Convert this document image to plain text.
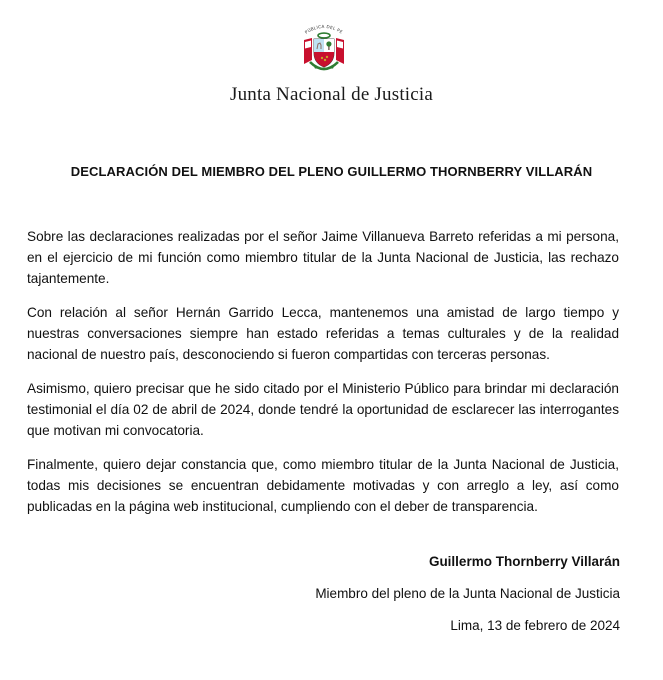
PÚBLICA DEL PE
Junta Nacional de Justicia
DECLARACIÓN DEL MIEMBRO DEL PLENO GUILLERMO THORNBERRY VILLARÁN

Sobre las declaraciones realizadas por el señor Jaime Villanueva Barreto referidas a mi persona, en el ejercicio de mi función como miembro titular de la Junta Nacional de Justicia, las rechazo tajantemente.

Con relación al señor Hernán Garrido Lecca, mantenemos una amistad de largo tiempo y nuestras conversaciones siempre han estado referidas a temas culturales y de la realidad nacional de nuestro país, desconociendo si fueron compartidas con terceras personas.

Asimismo, quiero precisar que he sido citado por el Ministerio Público para brindar mi declaración testimonial el día 02 de abril de 2024, donde tendré la oportunidad de esclarecer las interrogantes que motivan mi convocatoria.

Finalmente, quiero dejar constancia que, como miembro titular de la Junta Nacional de Justicia, todas mis decisiones se encuentran debidamente motivadas y con arreglo a ley, así como publicadas en la página web institucional, cumpliendo con el deber de transparencia.

Guillermo Thornberry Villarán
Miembro del pleno de la Junta Nacional de Justicia
Lima, 13 de febrero de 2024
